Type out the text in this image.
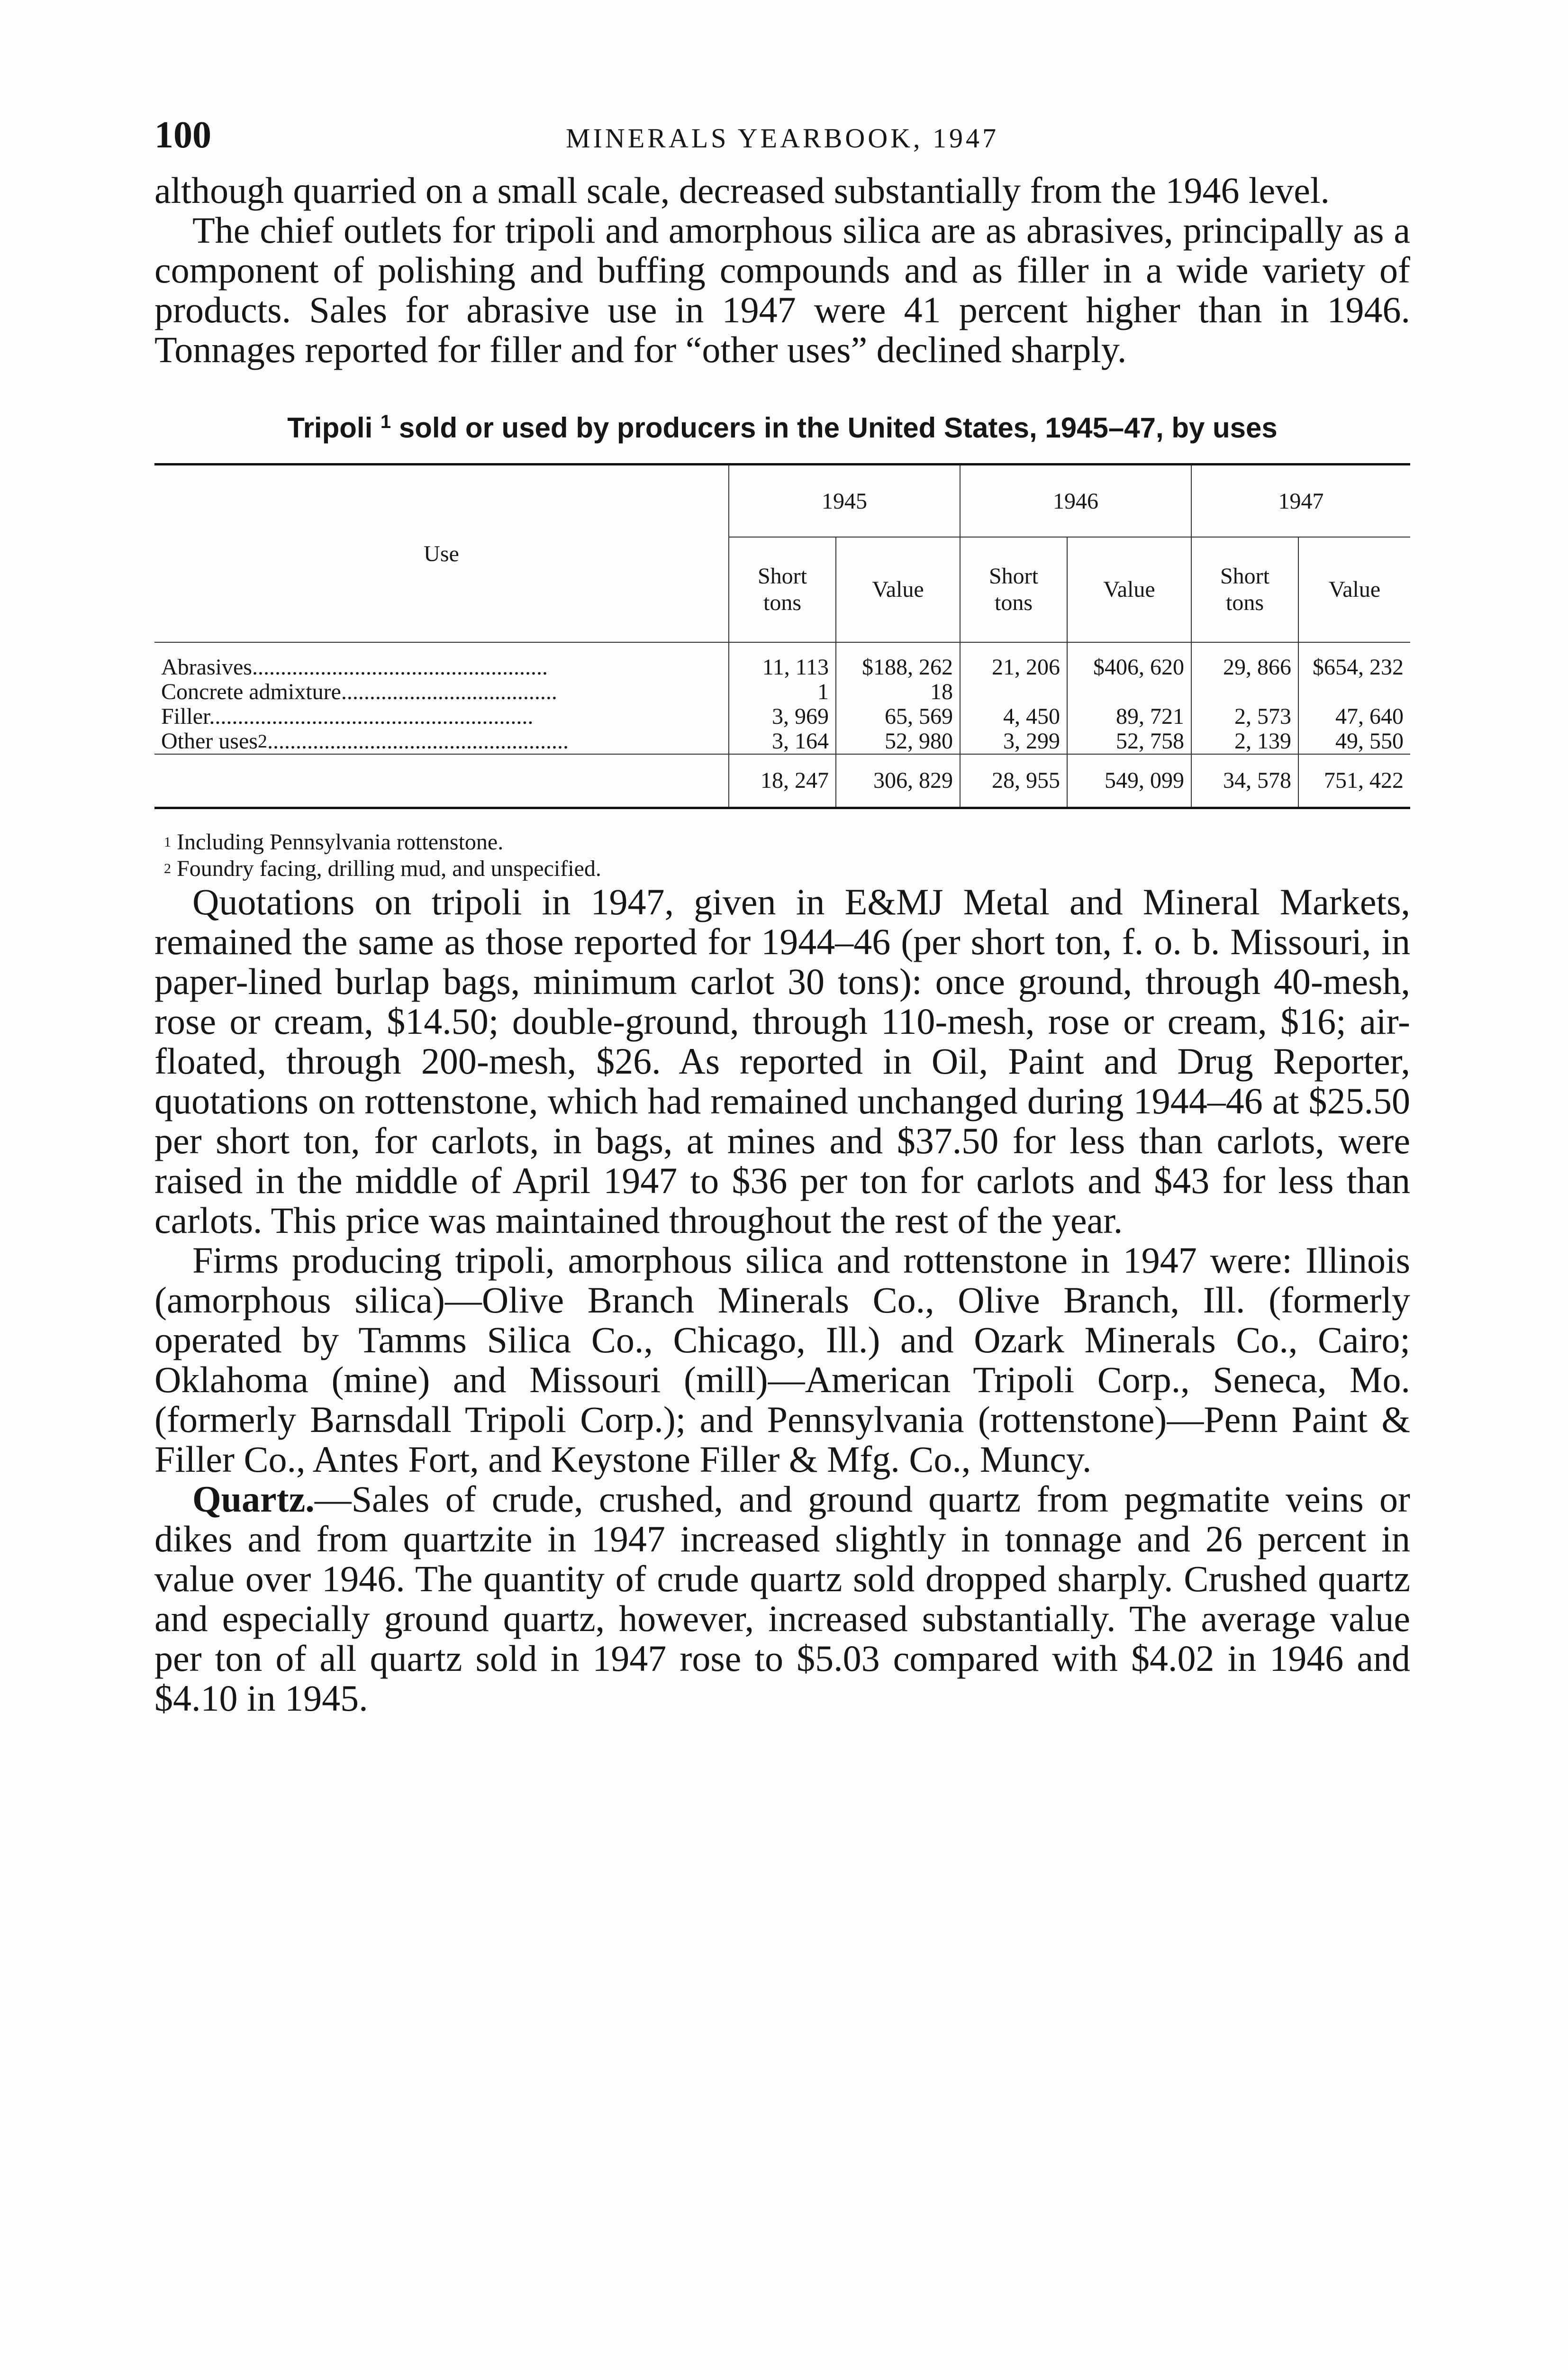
100	MINERALS YEARBOOK, 1947

although quarried on a small scale, decreased substantially from the 1946 level.

The chief outlets for tripoli and amorphous silica are as abrasives, principally as a component of polishing and buffing compounds and as filler in a wide variety of products. Sales for abrasive use in 1947 were 41 percent higher than in 1946. Tonnages reported for filler and for “other uses” declined sharply.

Tripoli $^1$ sold or used by producers in the United States, 1945–47, by uses
Use	1945		1946		1947	
	Short tons	Value	Short tons	Value	Short tons	Value
Abrasives....................................................	11, 113	$188, 262	21, 206	$406, 620	29, 866	$654, 232
Concrete admixture......................................	1	18				
Filler.........................................................	3, 969	65, 569	4, 450	89, 721	2, 573	47, 640
Other uses$^2$.....................................................	3, 164	52, 980	3, 299	52, 758	2, 139	49, 550
	18, 247	306, 829	28, 955	549, 099	34, 578	751, 422
$^1$ Including Pennsylvania rottenstone.
$^2$ Foundry facing, drilling mud, and unspecified.

Quotations on tripoli in 1947, given in E&MJ Metal and Mineral Markets, remained the same as those reported for 1944–46 (per short ton, f. o. b. Missouri, in paper-lined burlap bags, minimum carlot 30 tons): once ground, through 40-mesh, rose or cream, $14.50; double-ground, through 110-mesh, rose or cream, $16; air-floated, through 200-mesh, $26. As reported in Oil, Paint and Drug Reporter, quotations on rottenstone, which had remained unchanged during 1944–46 at $25.50 per short ton, for carlots, in bags, at mines and $37.50 for less than carlots, were raised in the middle of April 1947 to $36 per ton for carlots and $43 for less than carlots. This price was maintained throughout the rest of the year.

Firms producing tripoli, amorphous silica and rottenstone in 1947 were: Illinois (amorphous silica)—Olive Branch Minerals Co., Olive Branch, Ill. (formerly operated by Tamms Silica Co., Chicago, Ill.) and Ozark Minerals Co., Cairo; Oklahoma (mine) and Missouri (mill)—American Tripoli Corp., Seneca, Mo. (formerly Barnsdall Tripoli Corp.); and Pennsylvania (rottenstone)—Penn Paint & Filler Co., Antes Fort, and Keystone Filler & Mfg. Co., Muncy.

Quartz.—Sales of crude, crushed, and ground quartz from pegmatite veins or dikes and from quartzite in 1947 increased slightly in tonnage and 26 percent in value over 1946. The quantity of crude quartz sold dropped sharply. Crushed quartz and especially ground quartz, however, increased substantially. The average value per ton of all quartz sold in 1947 rose to $5.03 compared with $4.02 in 1946 and $4.10 in 1945.
